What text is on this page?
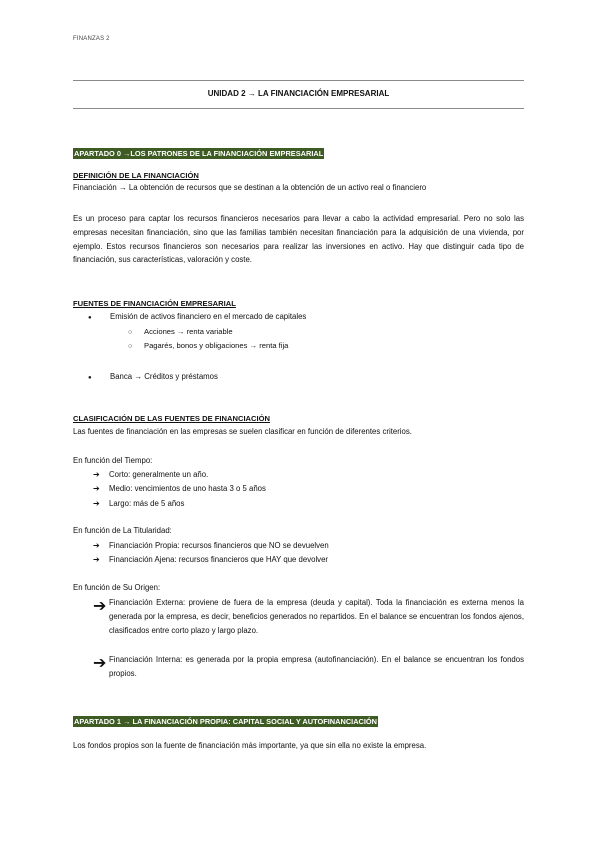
FINANZAS 2
UNIDAD 2 → LA FINANCIACIÓN EMPRESARIAL
APARTADO 0 →LOS PATRONES DE LA FINANCIACIÓN EMPRESARIAL
DEFINICIÓN DE LA FINANCIACIÓN
Financiación → La obtención de recursos que se destinan a la obtención de un activo real o financiero
Es un proceso para captar los recursos financieros necesarios para llevar a cabo la actividad empresarial. Pero no solo las empresas necesitan financiación, sino que las familias también necesitan financiación para la adquisición de una vivienda, por ejemplo. Estos recursos financieros son necesarios para realizar las inversiones en activo. Hay que distinguir cada tipo de financiación, sus características, valoración y coste.
FUENTES DE FINANCIACIÓN EMPRESARIAL
● Emisión de activos financiero en el mercado de capitales
○ Acciones → renta variable
○ Pagarés, bonos y obligaciones → renta fija
● Banca → Créditos y préstamos
CLASIFICACIÓN DE LAS FUENTES DE FINANCIACIÓN
Las fuentes de financiación en las empresas se suelen clasificar en función de diferentes criterios.
En función del Tiempo:
➔ Corto: generalmente un año.
➔ Medio: vencimientos de uno hasta 3 o 5 años
➔ Largo: más de 5 años
En función de La Titularidad:
➔ Financiación Propia: recursos financieros que NO se devuelven
➔ Financiación Ajena: recursos financieros que HAY que devolver
En función de Su Origen:
➔ Financiación Externa: proviene de fuera de la empresa (deuda y capital). Toda la financiación es externa menos la generada por la empresa, es decir, beneficios generados no repartidos. En el balance se encuentran los fondos ajenos, clasificados entre corto plazo y largo plazo.
➔ Financiación Interna: es generada por la propia empresa (autofinanciación). En el balance se encuentran los fondos propios.
APARTADO 1 → LA FINANCIACIÓN PROPIA: CAPITAL SOCIAL Y AUTOFINANCIACIÓN
Los fondos propios son la fuente de financiación más importante, ya que sin ella no existe la empresa.
